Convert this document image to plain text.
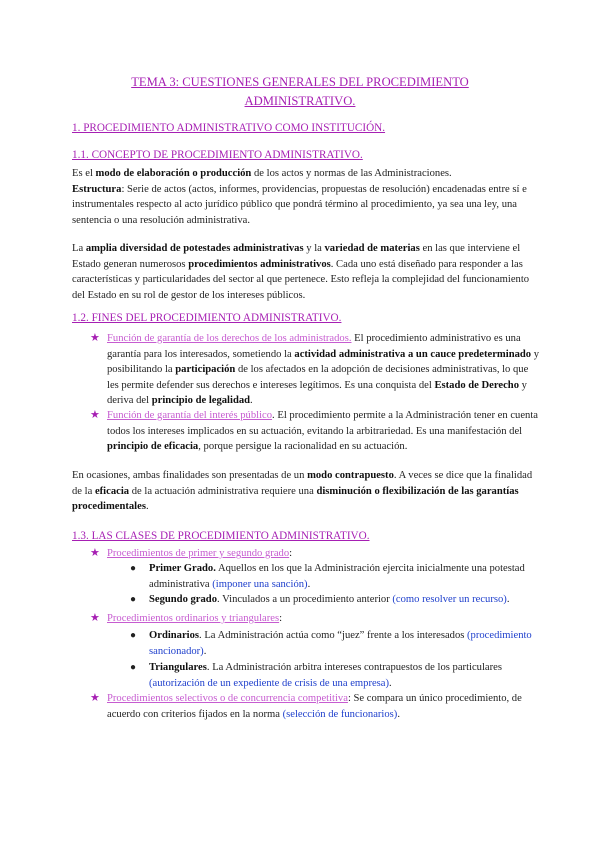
TEMA 3: CUESTIONES GENERALES DEL PROCEDIMIENTO
ADMINISTRATIVO.
1. PROCEDIMIENTO ADMINISTRATIVO COMO INSTITUCIÓN.
1.1. CONCEPTO DE PROCEDIMIENTO ADMINISTRATIVO.
Es el modo de elaboración o producción de los actos y normas de las Administraciones.
Estructura: Serie de actos (actos, informes, providencias, propuestas de resolución) encadenadas entre sí e instrumentales respecto al acto jurídico público que pondrá término al procedimiento, ya sea una ley, una sentencia o una resolución administrativa.
La amplia diversidad de potestades administrativas y la variedad de materias en las que interviene el Estado generan numerosos procedimientos administrativos. Cada uno está diseñado para responder a las características y particularidades del sector al que pertenece. Esto refleja la complejidad del funcionamiento del Estado en su rol de gestor de los intereses públicos.
1.2. FINES DEL PROCEDIMIENTO ADMINISTRATIVO.
★ Función de garantía de los derechos de los administrados. El procedimiento administrativo es una garantía para los interesados, sometiendo la actividad administrativa a un cauce predeterminado y posibilitando la participación de los afectados en la adopción de decisiones administrativas, lo que les permite defender sus derechos e intereses legítimos. Es una conquista del Estado de Derecho y deriva del principio de legalidad.
★ Función de garantía del interés público. El procedimiento permite a la Administración tener en cuenta todos los intereses implicados en su actuación, evitando la arbitrariedad. Es una manifestación del principio de eficacia, porque persigue la racionalidad en su actuación.
En ocasiones, ambas finalidades son presentadas de un modo contrapuesto. A veces se dice que la finalidad de la eficacia de la actuación administrativa requiere una disminución o flexibilización de las garantías procedimentales.
1.3. LAS CLASES DE PROCEDIMIENTO ADMINISTRATIVO.
★ Procedimientos de primer y segundo grado:
● Primer Grado. Aquellos en los que la Administración ejercita inicialmente una potestad administrativa (imponer una sanción).
● Segundo grado. Vinculados a un procedimiento anterior (como resolver un recurso).
★ Procedimientos ordinarios y triangulares:
● Ordinarios. La Administración actúa como “juez” frente a los interesados (procedimiento sancionador).
● Triangulares. La Administración arbitra intereses contrapuestos de los particulares (autorización de un expediente de crisis de una empresa).
★ Procedimientos selectivos o de concurrencia competitiva: Se compara un único procedimiento, de acuerdo con criterios fijados en la norma (selección de funcionarios).
